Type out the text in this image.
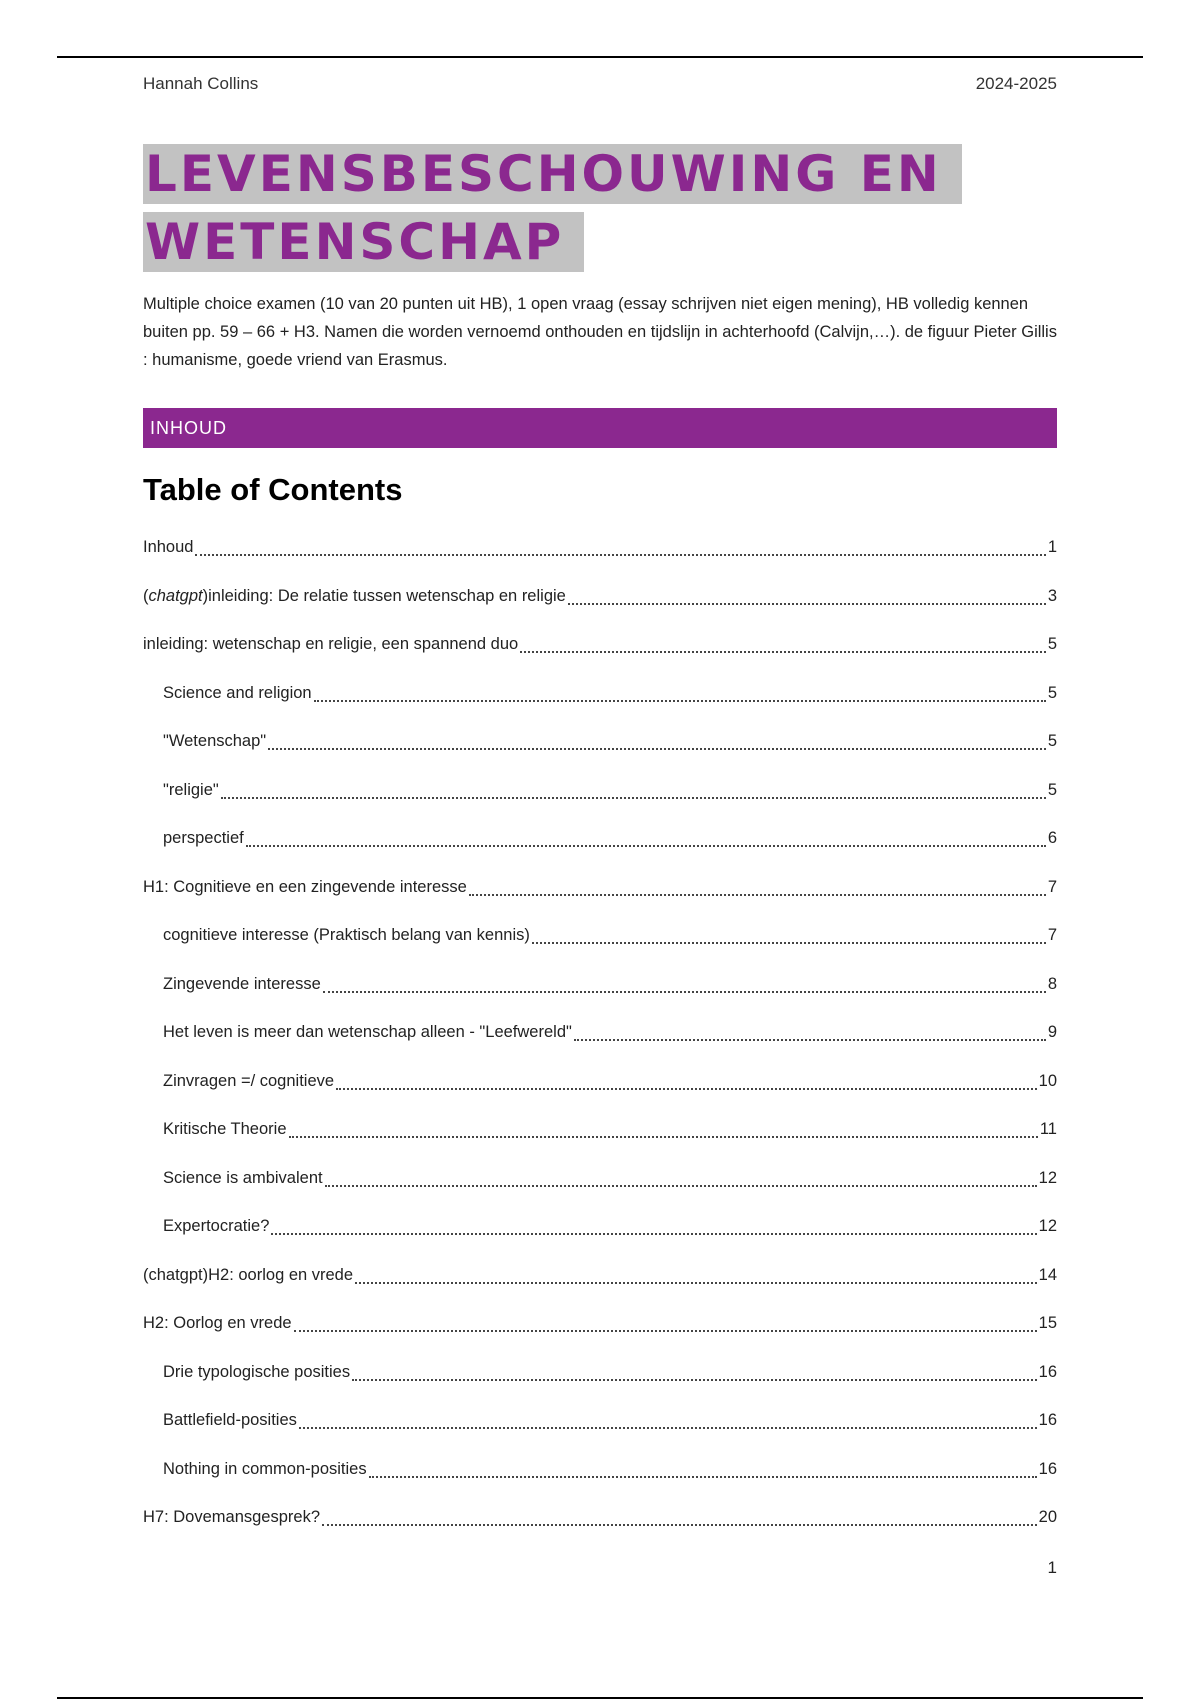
Hannah Collins	2024-2025
LEVENSBESCHOUWING EN
WETENSCHAP

Multiple choice examen (10 van 20 punten uit HB), 1 open vraag (essay schrijven niet eigen mening), HB volledig kennen buiten pp. 59 – 66 + H3. Namen die worden vernoemd onthouden en tijdslijn in achterhoofd (Calvijn,…). de figuur Pieter Gillis : humanisme, goede vriend van Erasmus.

INHOUD
Table of Contents
Inhoud	1
(chatgpt)inleiding: De relatie tussen wetenschap en religie	3
inleiding: wetenschap en religie, een spannend duo	5
Science and religion	5
"Wetenschap"	5
"religie"	5
perspectief	6
H1: Cognitieve en een zingevende interesse	7
cognitieve interesse (Praktisch belang van kennis)	7
Zingevende interesse	8
Het leven is meer dan wetenschap alleen - "Leefwereld"	9
Zinvragen =/ cognitieve	10
Kritische Theorie	11
Science is ambivalent	12
Expertocratie?	12
(chatgpt)H2: oorlog en vrede	14
H2: Oorlog en vrede	15
Drie typologische posities	16
Battlefield-posities	16
Nothing in common-posities	16
H7: Dovemansgesprek?	20
1
